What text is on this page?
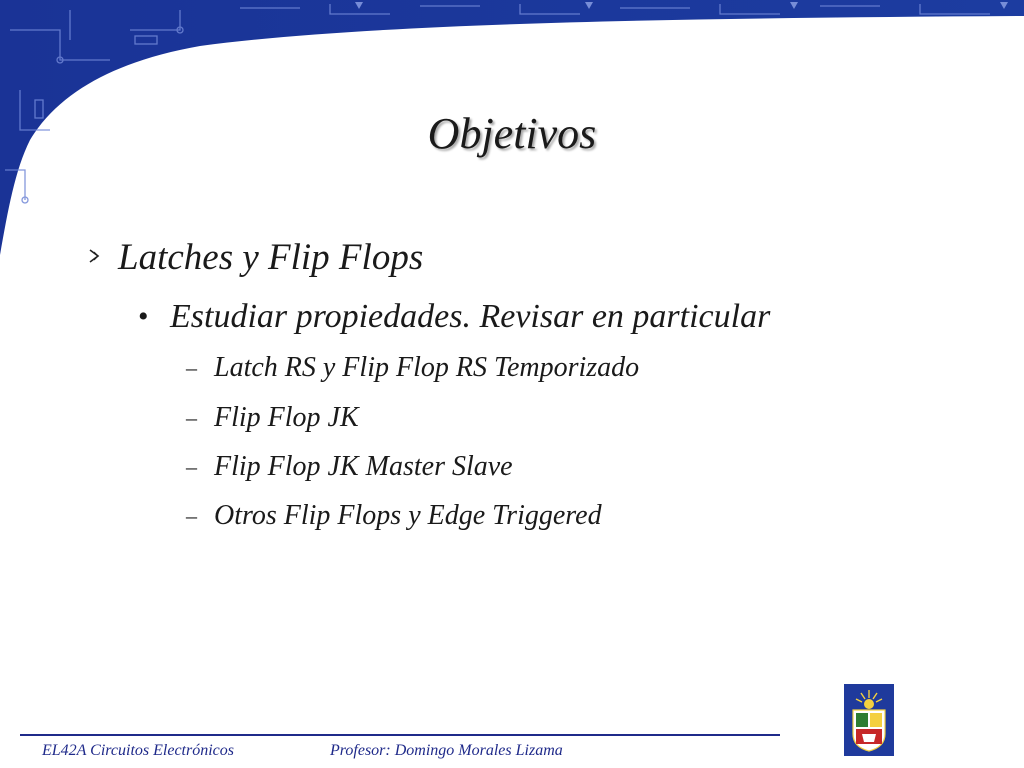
Objetivos
Latches y Flip Flops
• Estudiar propiedades. Revisar en particular
– Latch RS y Flip Flop RS Temporizado
– Flip Flop JK
– Flip Flop JK Master Slave
– Otros Flip Flops y Edge Triggered
EL42A Circuitos Electrónicos	Profesor: Domingo Morales Lizama
